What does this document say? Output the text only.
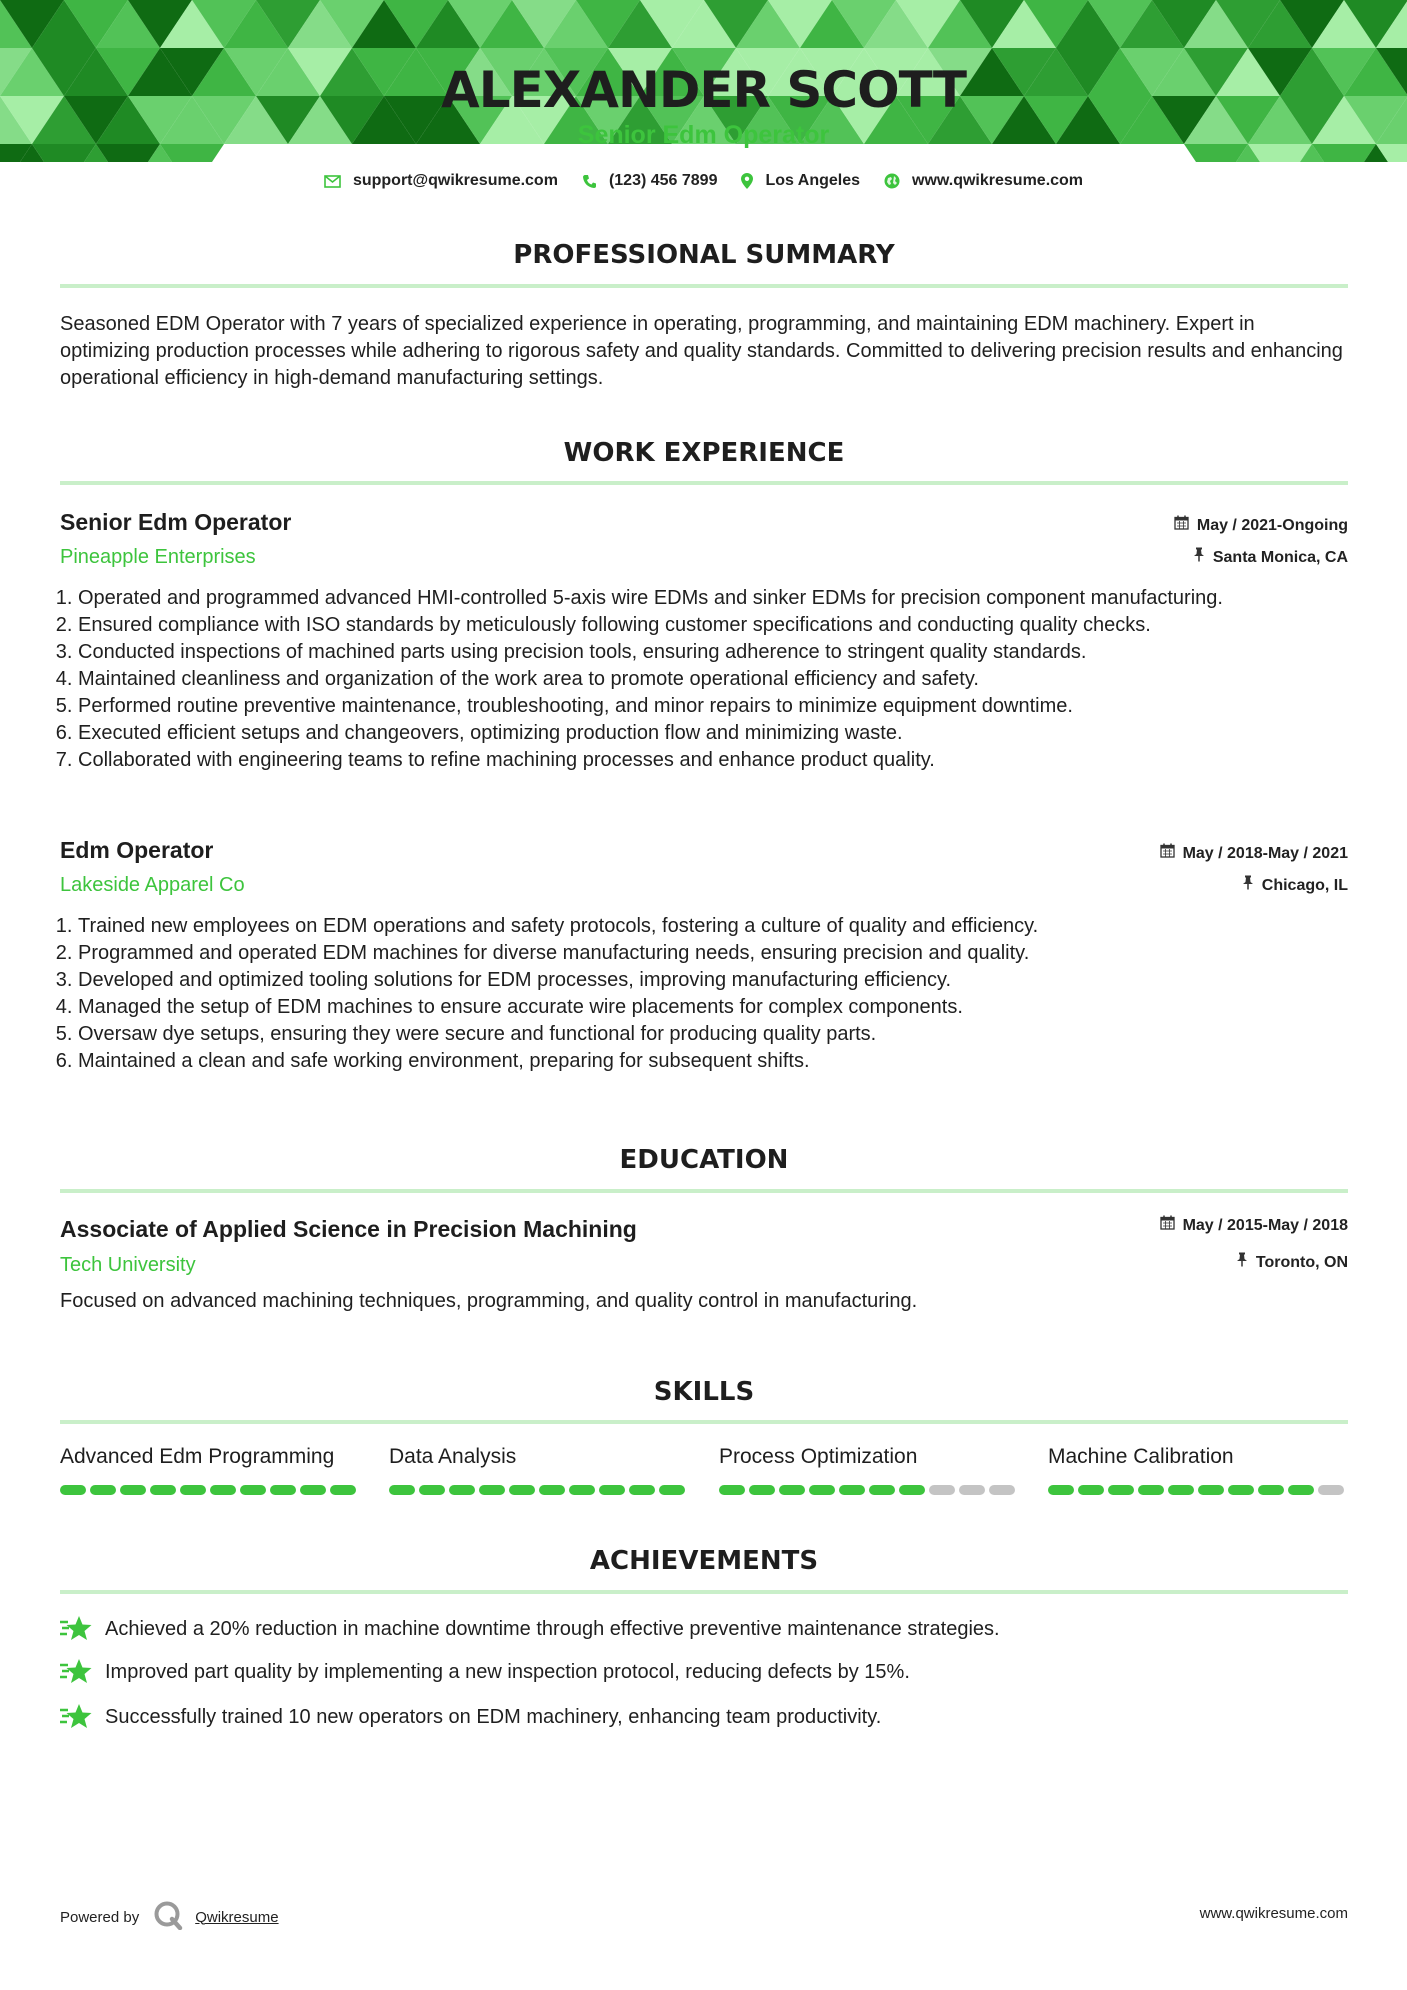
ALEXANDER SCOTT
Senior Edm Operator
support@qwikresume.com	(123) 456 7899	Los Angeles	www.qwikresume.com
PROFESSIONAL SUMMARY
Seasoned EDM Operator with 7 years of specialized experience in operating, programming, and maintaining EDM machinery. Expert in optimizing production processes while adhering to rigorous safety and quality standards. Committed to delivering precision results and enhancing operational efficiency in high-demand manufacturing settings.
WORK EXPERIENCE
Senior Edm Operator	May / 2021-Ongoing
Pineapple Enterprises	Santa Monica, CA
1. Operated and programmed advanced HMI-controlled 5-axis wire EDMs and sinker EDMs for precision component manufacturing.
2. Ensured compliance with ISO standards by meticulously following customer specifications and conducting quality checks.
3. Conducted inspections of machined parts using precision tools, ensuring adherence to stringent quality standards.
4. Maintained cleanliness and organization of the work area to promote operational efficiency and safety.
5. Performed routine preventive maintenance, troubleshooting, and minor repairs to minimize equipment downtime.
6. Executed efficient setups and changeovers, optimizing production flow and minimizing waste.
7. Collaborated with engineering teams to refine machining processes and enhance product quality.
Edm Operator	May / 2018-May / 2021
Lakeside Apparel Co	Chicago, IL
1. Trained new employees on EDM operations and safety protocols, fostering a culture of quality and efficiency.
2. Programmed and operated EDM machines for diverse manufacturing needs, ensuring precision and quality.
3. Developed and optimized tooling solutions for EDM processes, improving manufacturing efficiency.
4. Managed the setup of EDM machines to ensure accurate wire placements for complex components.
5. Oversaw dye setups, ensuring they were secure and functional for producing quality parts.
6. Maintained a clean and safe working environment, preparing for subsequent shifts.
EDUCATION
Associate of Applied Science in Precision Machining	May / 2015-May / 2018
Tech University	Toronto, ON
Focused on advanced machining techniques, programming, and quality control in manufacturing.
SKILLS
Advanced Edm Programming	Data Analysis	Process Optimization	Machine Calibration
ACHIEVEMENTS
Achieved a 20% reduction in machine downtime through effective preventive maintenance strategies.
Improved part quality by implementing a new inspection protocol, reducing defects by 15%.
Successfully trained 10 new operators on EDM machinery, enhancing team productivity.
Powered by	Qwikresume	www.qwikresume.com
